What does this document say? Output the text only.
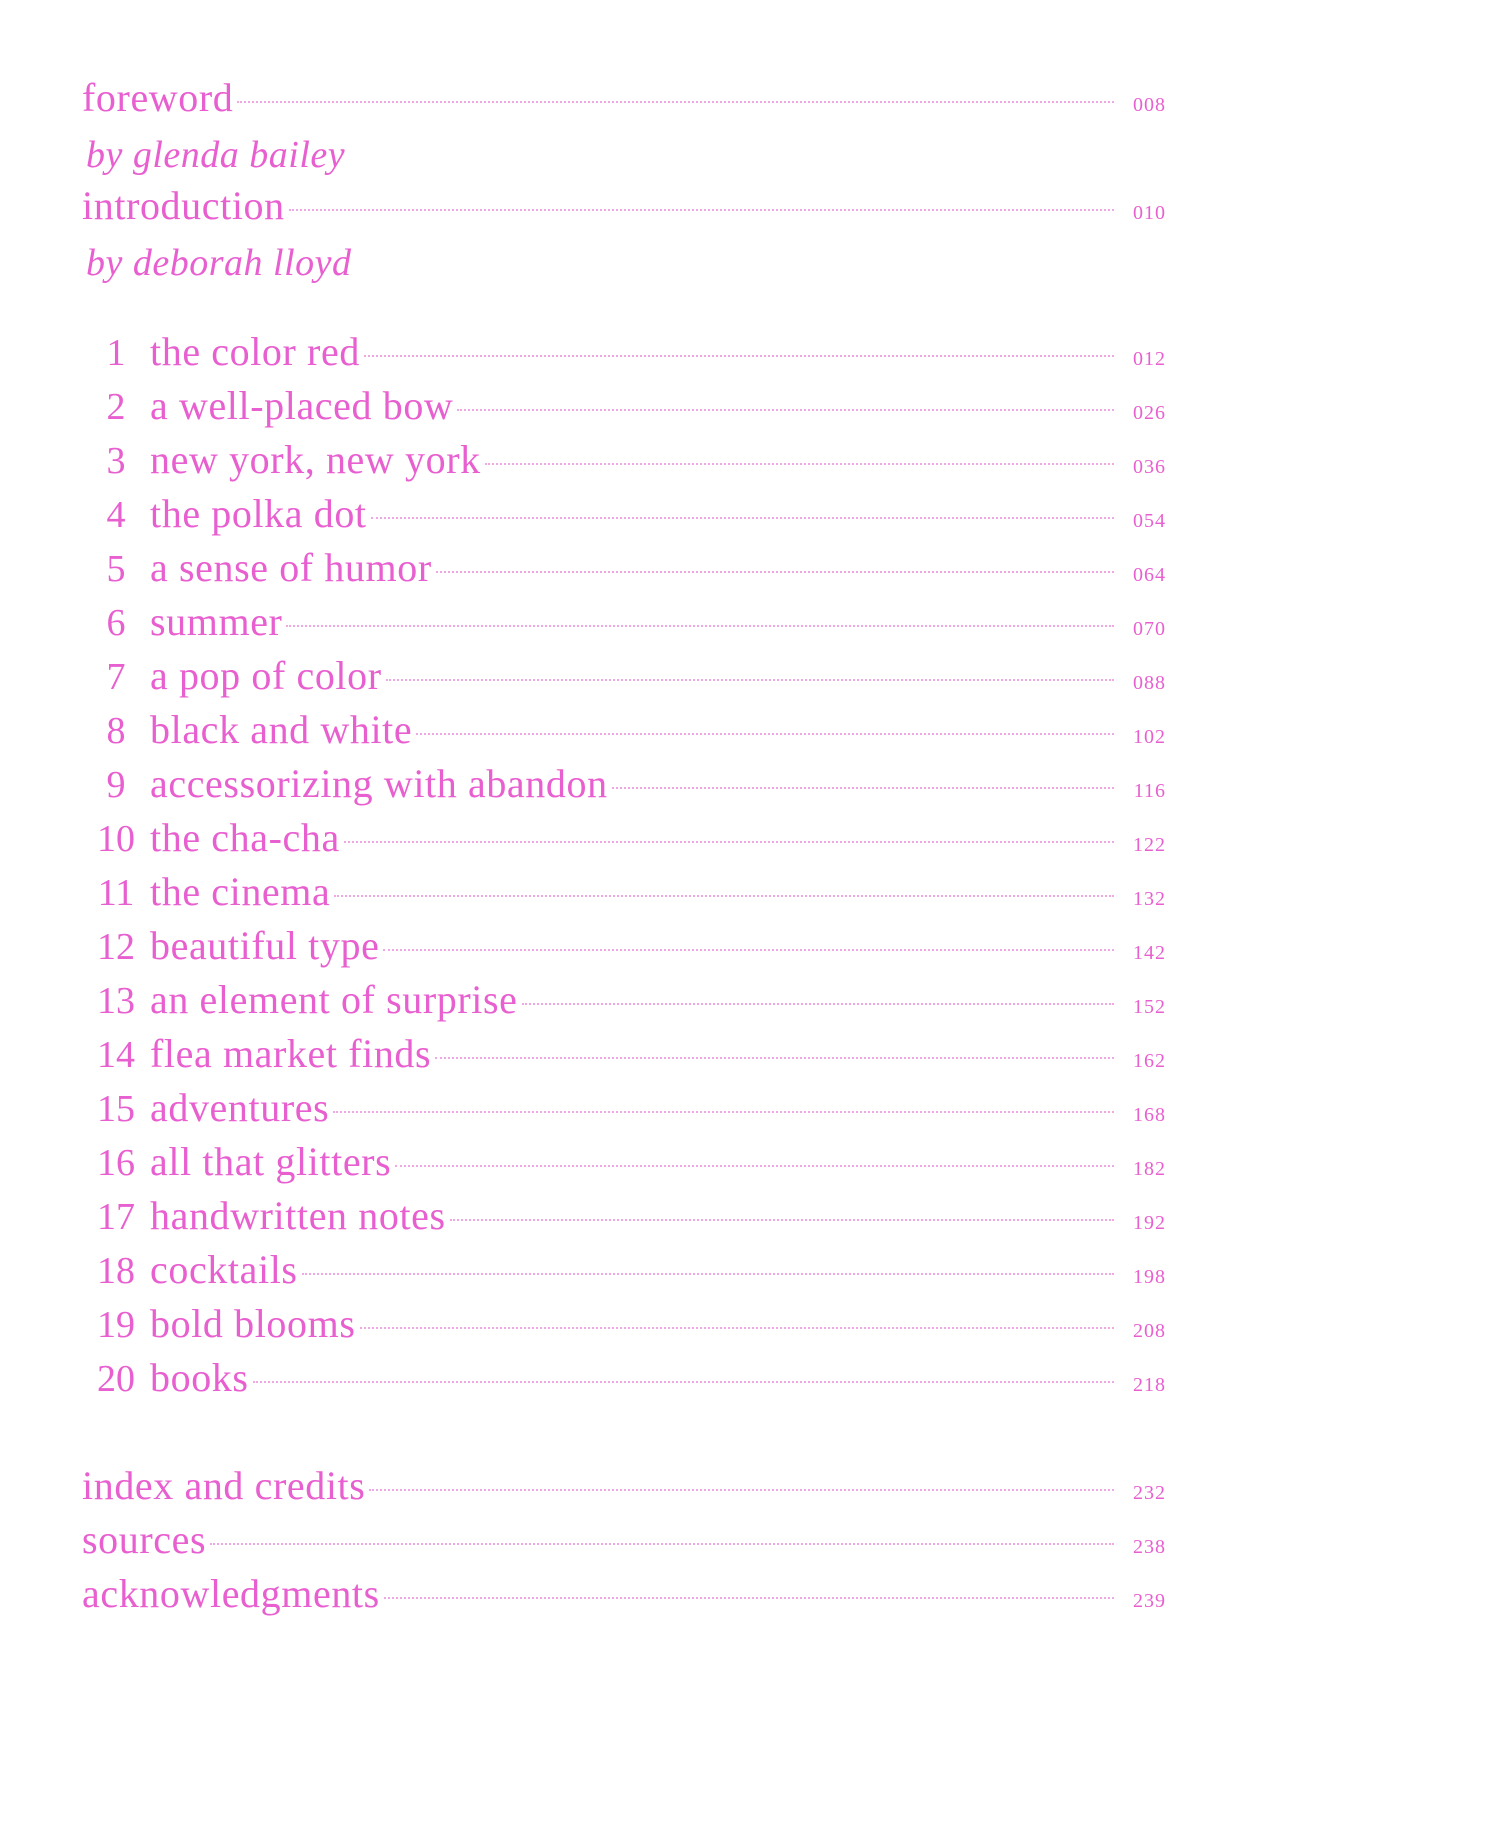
foreword	008
by glenda bailey
introduction	010
by deborah lloyd
1 the color red	012
2 a well-placed bow	026
3 new york, new york	036
4 the polka dot	054
5 a sense of humor	064
6 summer	070
7 a pop of color	088
8 black and white	102
9 accessorizing with abandon	116
10 the cha-cha	122
11 the cinema	132
12 beautiful type	142
13 an element of surprise	152
14 flea market finds	162
15 adventures	168
16 all that glitters	182
17 handwritten notes	192
18 cocktails	198
19 bold blooms	208
20 books	218
index and credits	232
sources	238
acknowledgments	239
